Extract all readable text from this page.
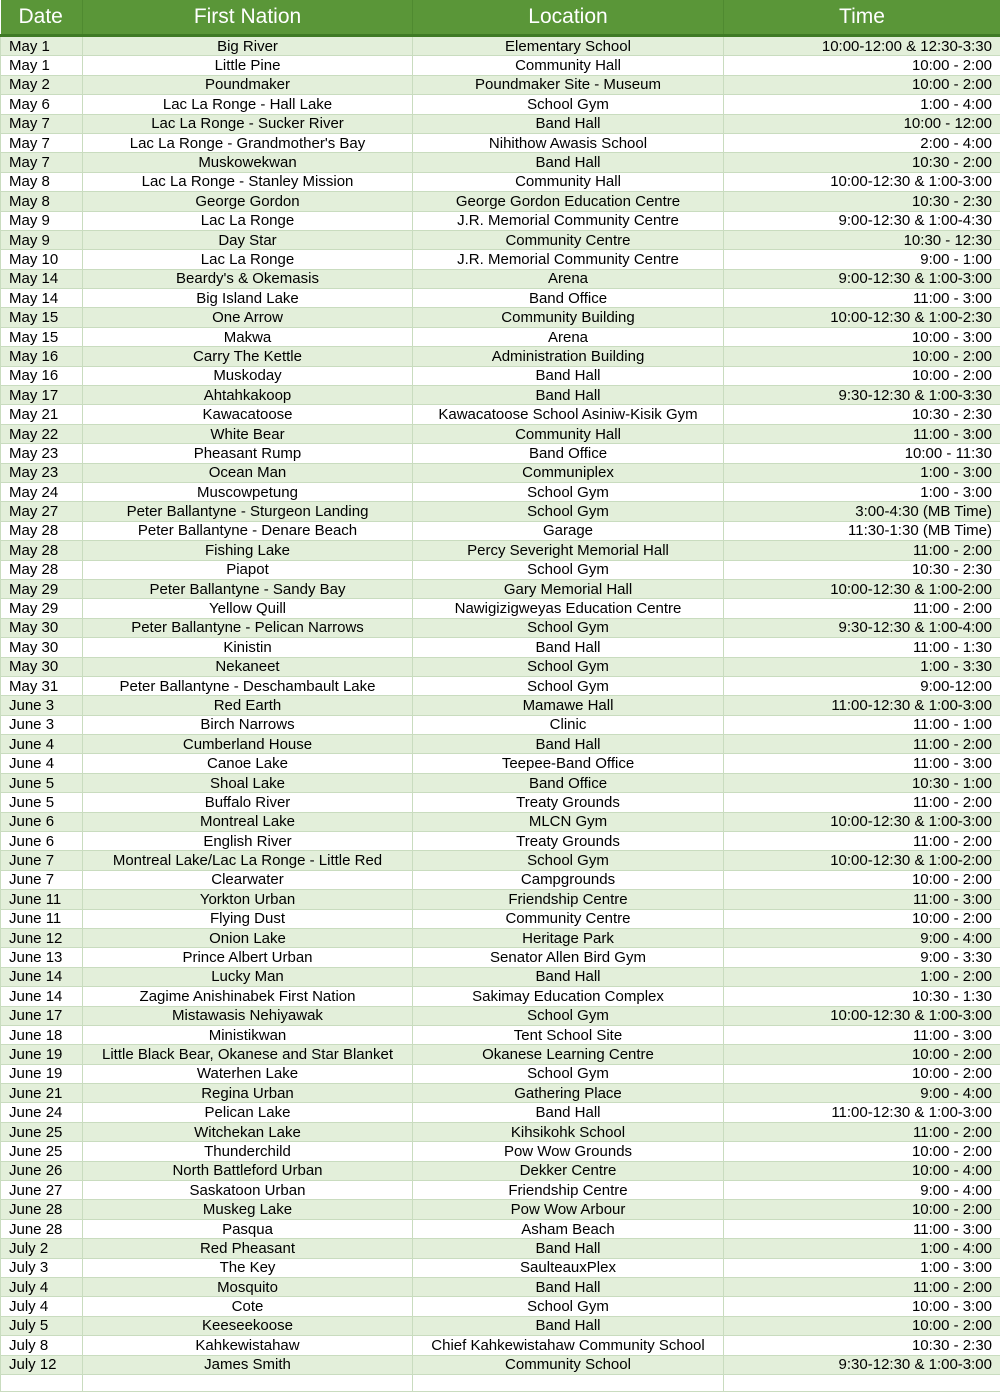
Date	First Nation	Location	Time
May 1	Big River	Elementary School	10:00-12:00 & 12:30-3:30
May 1	Little Pine	Community Hall	10:00 - 2:00
May 2	Poundmaker	Poundmaker Site - Museum	10:00 - 2:00
May 6	Lac La Ronge - Hall Lake	School Gym	1:00 - 4:00
May 7	Lac La Ronge - Sucker River	Band Hall	10:00 - 12:00
May 7	Lac La Ronge - Grandmother's Bay	Nihithow Awasis School	2:00 - 4:00
May 7	Muskowekwan	Band Hall	10:30 - 2:00
May 8	Lac La Ronge - Stanley Mission	Community Hall	10:00-12:30 & 1:00-3:00
May 8	George Gordon	George Gordon Education Centre	10:30 - 2:30
May 9	Lac La Ronge	J.R. Memorial Community Centre	9:00-12:30 & 1:00-4:30
May 9	Day Star	Community Centre	10:30 - 12:30
May 10	Lac La Ronge	J.R. Memorial Community Centre	9:00 - 1:00
May 14	Beardy's & Okemasis	Arena	9:00-12:30 & 1:00-3:00
May 14	Big Island Lake	Band Office	11:00 - 3:00
May 15	One Arrow	Community Building	10:00-12:30 & 1:00-2:30
May 15	Makwa	Arena	10:00 - 3:00
May 16	Carry The Kettle	Administration Building	10:00 - 2:00
May 16	Muskoday	Band Hall	10:00 - 2:00
May 17	Ahtahkakoop	Band Hall	9:30-12:30 & 1:00-3:30
May 21	Kawacatoose	Kawacatoose School Asiniw-Kisik Gym	10:30 - 2:30
May 22	White Bear	Community Hall	11:00 - 3:00
May 23	Pheasant Rump	Band Office	10:00 - 11:30
May 23	Ocean Man	Communiplex	1:00 - 3:00
May 24	Muscowpetung	School Gym	1:00 - 3:00
May 27	Peter Ballantyne - Sturgeon Landing	School Gym	3:00-4:30 (MB Time)
May 28	Peter Ballantyne - Denare Beach	Garage	11:30-1:30 (MB Time)
May 28	Fishing Lake	Percy Severight Memorial Hall	11:00 - 2:00
May 28	Piapot	School Gym	10:30 - 2:30
May 29	Peter Ballantyne - Sandy Bay	Gary Memorial Hall	10:00-12:30 & 1:00-2:00
May 29	Yellow Quill	Nawigizigweyas Education Centre	11:00 - 2:00
May 30	Peter Ballantyne - Pelican Narrows	School Gym	9:30-12:30 & 1:00-4:00
May 30	Kinistin	Band Hall	11:00 - 1:30
May 30	Nekaneet	School Gym	1:00 - 3:30
May 31	Peter Ballantyne - Deschambault Lake	School Gym	9:00-12:00
June 3	Red Earth	Mamawe Hall	11:00-12:30 & 1:00-3:00
June 3	Birch Narrows	Clinic	11:00 - 1:00
June 4	Cumberland House	Band Hall	11:00 - 2:00
June 4	Canoe Lake	Teepee-Band Office	11:00 - 3:00
June 5	Shoal Lake	Band Office	10:30 - 1:00
June 5	Buffalo River	Treaty Grounds	11:00 - 2:00
June 6	Montreal Lake	MLCN Gym	10:00-12:30 & 1:00-3:00
June 6	English River	Treaty Grounds	11:00 - 2:00
June 7	Montreal Lake/Lac La Ronge - Little Red	School Gym	10:00-12:30 & 1:00-2:00
June 7	Clearwater	Campgrounds	10:00 - 2:00
June 11	Yorkton Urban	Friendship Centre	11:00 - 3:00
June 11	Flying Dust	Community Centre	10:00 - 2:00
June 12	Onion Lake	Heritage Park	9:00 - 4:00
June 13	Prince Albert Urban	Senator Allen Bird Gym	9:00 - 3:30
June 14	Lucky Man	Band Hall	1:00 - 2:00
June 14	Zagime Anishinabek First Nation	Sakimay Education Complex	10:30 - 1:30
June 17	Mistawasis Nehiyawak	School Gym	10:00-12:30 & 1:00-3:00
June 18	Ministikwan	Tent School Site	11:00 - 3:00
June 19	Little Black Bear, Okanese and Star Blanket	Okanese Learning Centre	10:00 - 2:00
June 19	Waterhen Lake	School Gym	10:00 - 2:00
June 21	Regina Urban	Gathering Place	9:00 - 4:00
June 24	Pelican Lake	Band Hall	11:00-12:30 & 1:00-3:00
June 25	Witchekan Lake	Kihsikohk School	11:00 - 2:00
June 25	Thunderchild	Pow Wow Grounds	10:00 - 2:00
June 26	North Battleford Urban	Dekker Centre	10:00 - 4:00
June 27	Saskatoon Urban	Friendship Centre	9:00 - 4:00
June 28	Muskeg Lake	Pow Wow Arbour	10:00 - 2:00
June 28	Pasqua	Asham Beach	11:00 - 3:00
July 2	Red Pheasant	Band Hall	1:00 - 4:00
July 3	The Key	SaulteauxPlex	1:00 - 3:00
July 4	Mosquito	Band Hall	11:00 - 2:00
July 4	Cote	School Gym	10:00 - 3:00
July 5	Keeseekoose	Band Hall	10:00 - 2:00
July 8	Kahkewistahaw	Chief Kahkewistahaw Community School	10:30 - 2:30
July 12	James Smith	Community School	9:30-12:30 & 1:00-3:00
